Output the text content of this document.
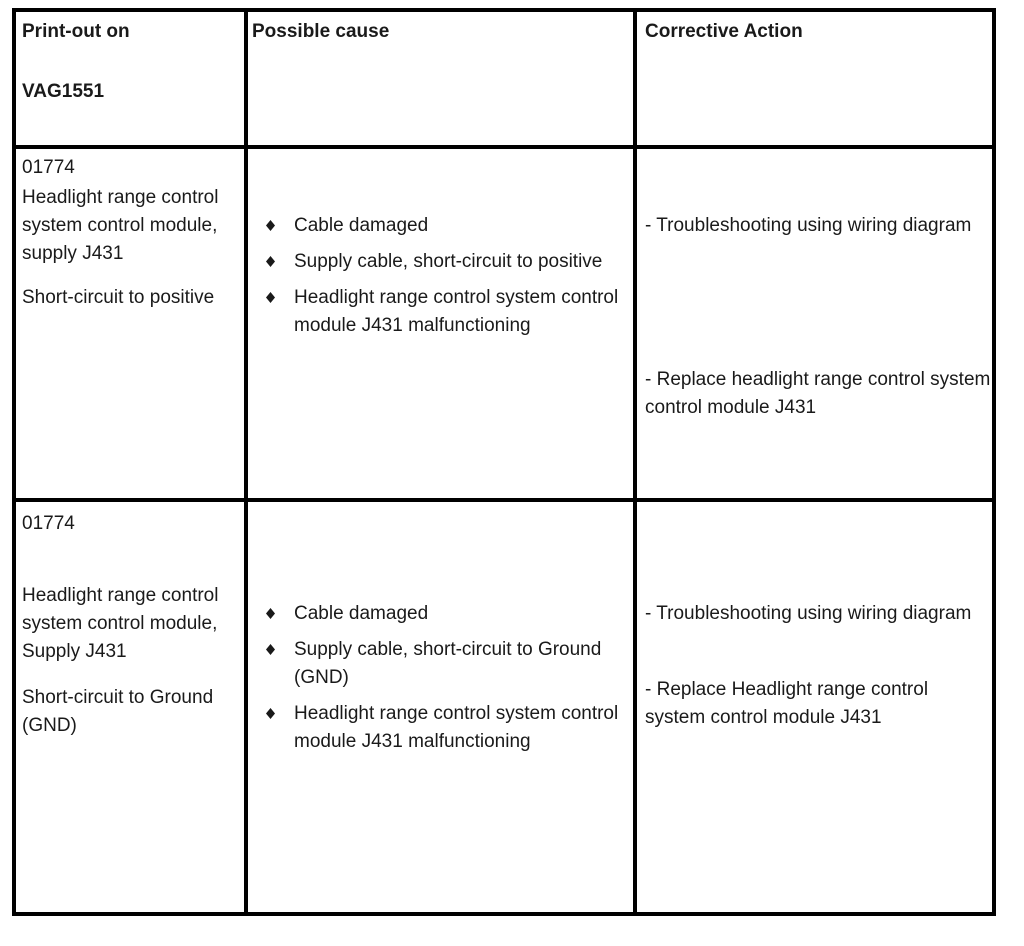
Print-out on

VAG1551

Possible cause	Corrective Action

01774

Headlight range control system control module, supply J431

Short-circuit to positive

Cable damaged
Supply cable, short-circuit to positive
Headlight range control system control module J431 malfunctioning

- Troubleshooting using wiring diagram

- Replace headlight range control system control module J431

01774

Headlight range control system control module, Supply J431

Short-circuit to Ground (GND)

Cable damaged
Supply cable, short-circuit to Ground (GND)
Headlight range control system control module J431 malfunctioning

- Troubleshooting using wiring diagram

- Replace Headlight range control system control module J431
